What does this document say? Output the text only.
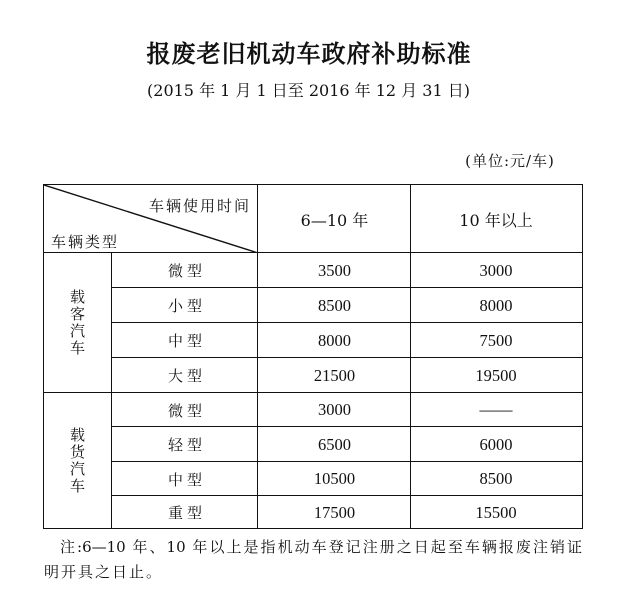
报废老旧机动车政府补助标准
(2015 年 1 月 1 日至 2016 年 12 月 31 日)
(单位:元/车)
车辆使用时间
车辆类型
6—10 年	10 年以上
载
客
汽
车
微型	3500	3000
小型	8500	8000
中型	8000	7500
大型	21500	19500
载
货
汽
车
微型	3000	——
轻型	6500	6000
中型	10500	8500
重型	17500	15500
注:6—10 年、10 年以上是指机动车登记注册之日起至车辆报废注销证
明开具之日止。
